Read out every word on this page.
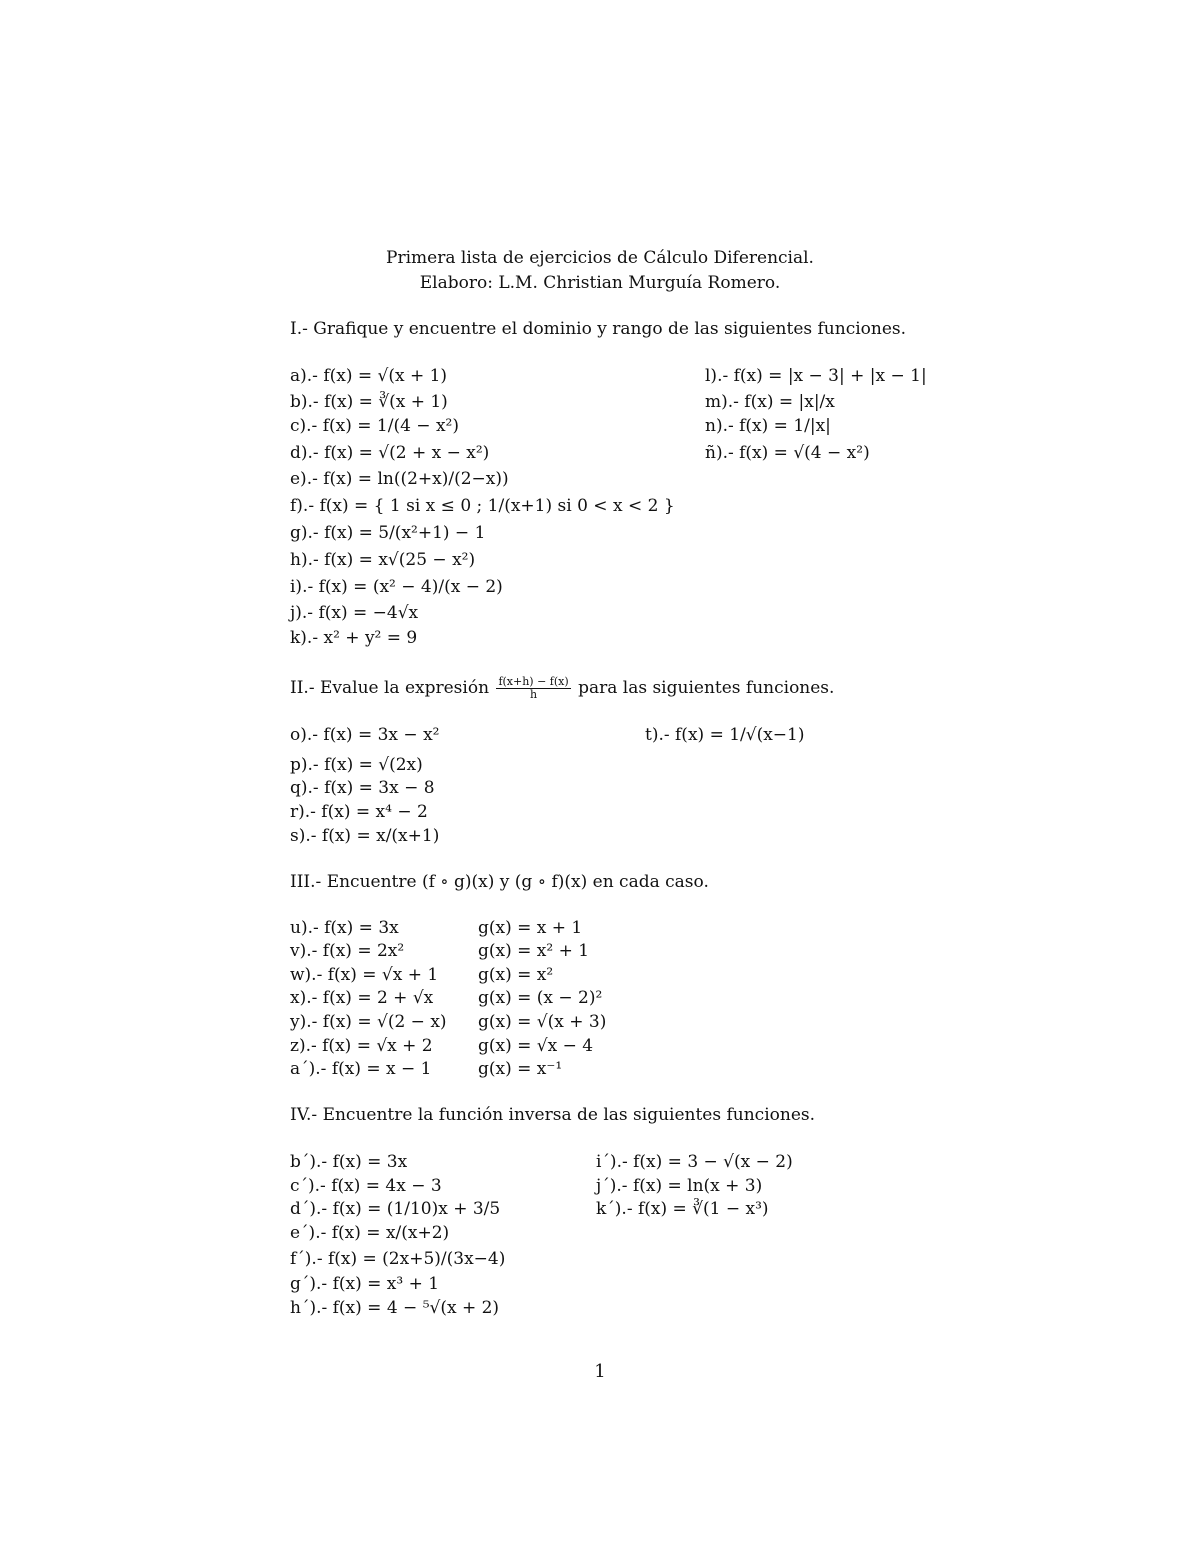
Primera lista de ejercicios de Cálculo Diferencial.
Elaboro: L.M. Christian Murguía Romero.
I.- Grafique y encuentre el dominio y rango de las siguientes funciones.
a).- f(x) = √(x + 1)
b).- f(x) = ∛(x + 1)
c).- f(x) = 1/(4 − x²)
d).- f(x) = √(2 + x − x²)
e).- f(x) = ln((2+x)/(2−x))
f).- f(x) = { 1 si x ≤ 0 ; 1/(x+1) si 0 < x < 2 }
g).- f(x) = 5/(x²+1) − 1
h).- f(x) = x√(25 − x²)
i).- f(x) = (x² − 4)/(x − 2)
j).- f(x) = −4√x
k).- x² + y² = 9
l).- f(x) = |x − 3| + |x − 1|
m).- f(x) = |x|/x
n).- f(x) = 1/|x|
ñ).- f(x) = √(4 − x²)
II.- Evalue la expresión $\frac{f(x+h) - f(x)}{h}$ para las siguientes funciones.
o).- f(x) = 3x − x²
p).- f(x) = √(2x)
q).- f(x) = 3x − 8
r).- f(x) = x⁴ − 2
s).- f(x) = x/(x+1)
t).- f(x) = 1/√(x−1)
III.- Encuentre (f ∘ g)(x) y (g ∘ f)(x) en cada caso.
u).- f(x) = 3x	g(x) = x + 1
v).- f(x) = 2x²	g(x) = x² + 1
w).- f(x) = √x + 1 g(x) = x²
x).- f(x) = 2 + √x	g(x) = (x − 2)²
y).- f(x) = √(2 − x) g(x) = √(x + 3)
z).- f(x) = √x + 2	g(x) = √x − 4
a´).- f(x) = x − 1	g(x) = x⁻¹
IV.- Encuentre la función inversa de las siguientes funciones.
b´).- f(x) = 3x
c´).- f(x) = 4x − 3
d´).- f(x) = (1/10)x + 3/5
e´).- f(x) = x/(x+2)
f´).- f(x) = (2x+5)/(3x−4)
g´).- f(x) = x³ + 1
h´).- f(x) = 4 − ⁵√(x + 2)
i´).- f(x) = 3 − √(x − 2)
j´).- f(x) = ln(x + 3)
k´).- f(x) = ∛(1 − x³)
1
